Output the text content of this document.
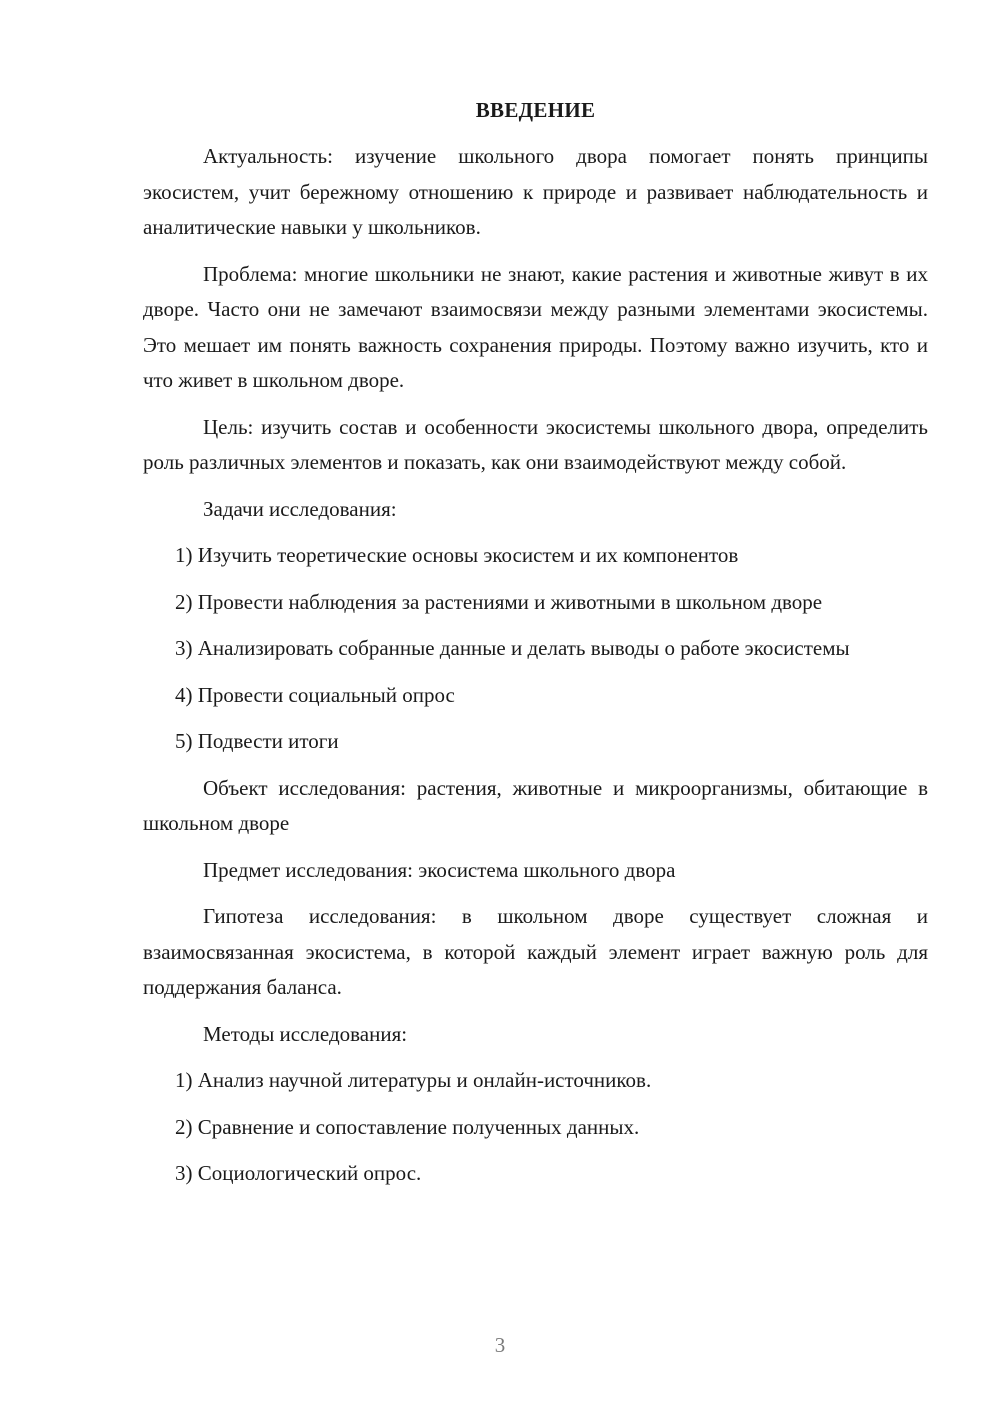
ВВЕДЕНИЕ

Актуальность: изучение школьного двора помогает понять принципы экосистем, учит бережному отношению к природе и развивает наблюдательность и аналитические навыки у школьников.

Проблема: многие школьники не знают, какие растения и животные живут в их дворе. Часто они не замечают взаимосвязи между разными элементами экосистемы. Это мешает им понять важность сохранения природы. Поэтому важно изучить, кто и что живет в школьном дворе.

Цель: изучить состав и особенности экосистемы школьного двора, определить роль различных элементов и показать, как они взаимодействуют между собой.

Задачи исследования:

1) Изучить теоретические основы экосистем и их компонентов

2) Провести наблюдения за растениями и животными в школьном дворе

3) Анализировать собранные данные и делать выводы о работе экосистемы

4) Провести социальный опрос

5) Подвести итоги

Объект исследования: растения, животные и микроорганизмы, обитающие в школьном дворе

Предмет исследования: экосистема школьного двора

Гипотеза исследования: в школьном дворе существует сложная и взаимосвязанная экосистема, в которой каждый элемент играет важную роль для поддержания баланса.

Методы исследования:

1) Анализ научной литературы и онлайн-источников.

2) Сравнение и сопоставление полученных данных.

3) Социологический опрос.

3
